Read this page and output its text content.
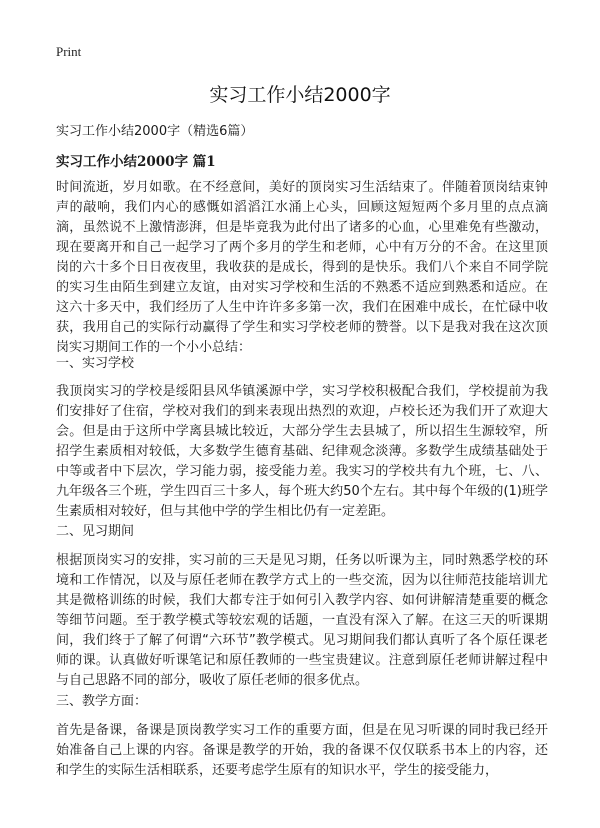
Print
实习工作小结2000字
实习工作小结2000字（精选6篇）
实习工作小结2000字 篇1

时间流逝，岁月如歌。在不经意间，美好的顶岗实习生活结束了。伴随着顶岗结束钟声的敲响，我们内心的感慨如滔滔江水涌上心头，回顾这短短两个多月里的点点滴滴，虽然说不上激情澎湃，但是毕竟我为此付出了诸多的心血，心里难免有些激动，现在要离开和自己一起学习了两个多月的学生和老师，心中有万分的不舍。在这里顶岗的六十多个日日夜夜里，我收获的是成长，得到的是快乐。我们八个来自不同学院的实习生由陌生到建立友谊，由对实习学校和生活的不熟悉不适应到熟悉和适应。在这六十多天中，我们经历了人生中许许多多第一次，我们在困难中成长，在忙碌中收获，我用自己的实际行动赢得了学生和实习学校老师的赞誉。以下是我对我在这次顶岗实习期间工作的一个小小总结：

一、实习学校

我顶岗实习的学校是绥阳县风华镇溪源中学，实习学校积极配合我们，学校提前为我们安排好了住宿，学校对我们的到来表现出热烈的欢迎，卢校长还为我们开了欢迎大会。但是由于这所中学离县城比较近，大部分学生去县城了，所以招生生源较窄，所招学生素质相对较低，大多数学生德育基础、纪律观念淡薄。多数学生成绩基础处于中等或者中下层次，学习能力弱，接受能力差。我实习的学校共有九个班，七、八、九年级各三个班，学生四百三十多人，每个班大约50个左右。其中每个年级的(1)班学生素质相对较好，但与其他中学的学生相比仍有一定差距。

二、见习期间

根据顶岗实习的安排，实习前的三天是见习期，任务以听课为主，同时熟悉学校的环境和工作情况，以及与原任老师在教学方式上的一些交流，因为以往师范技能培训尤其是微格训练的时候，我们大都专注于如何引入教学内容、如何讲解清楚重要的概念等细节问题。至于教学模式等较宏观的话题，一直没有深入了解。在这三天的听课期间，我们终于了解了何谓“六环节”教学模式。见习期间我们都认真听了各个原任课老师的课。认真做好听课笔记和原任教师的一些宝贵建议。注意到原任老师讲解过程中与自己思路不同的部分，吸收了原任老师的很多优点。

三、教学方面：

首先是备课，备课是顶岗教学实习工作的重要方面，但是在见习听课的同时我已经开始准备自己上课的内容。备课是教学的开始，我的备课不仅仅联系书本上的内容，还和学生的实际生活相联系，还要考虑学生原有的知识水平，学生的接受能力，
